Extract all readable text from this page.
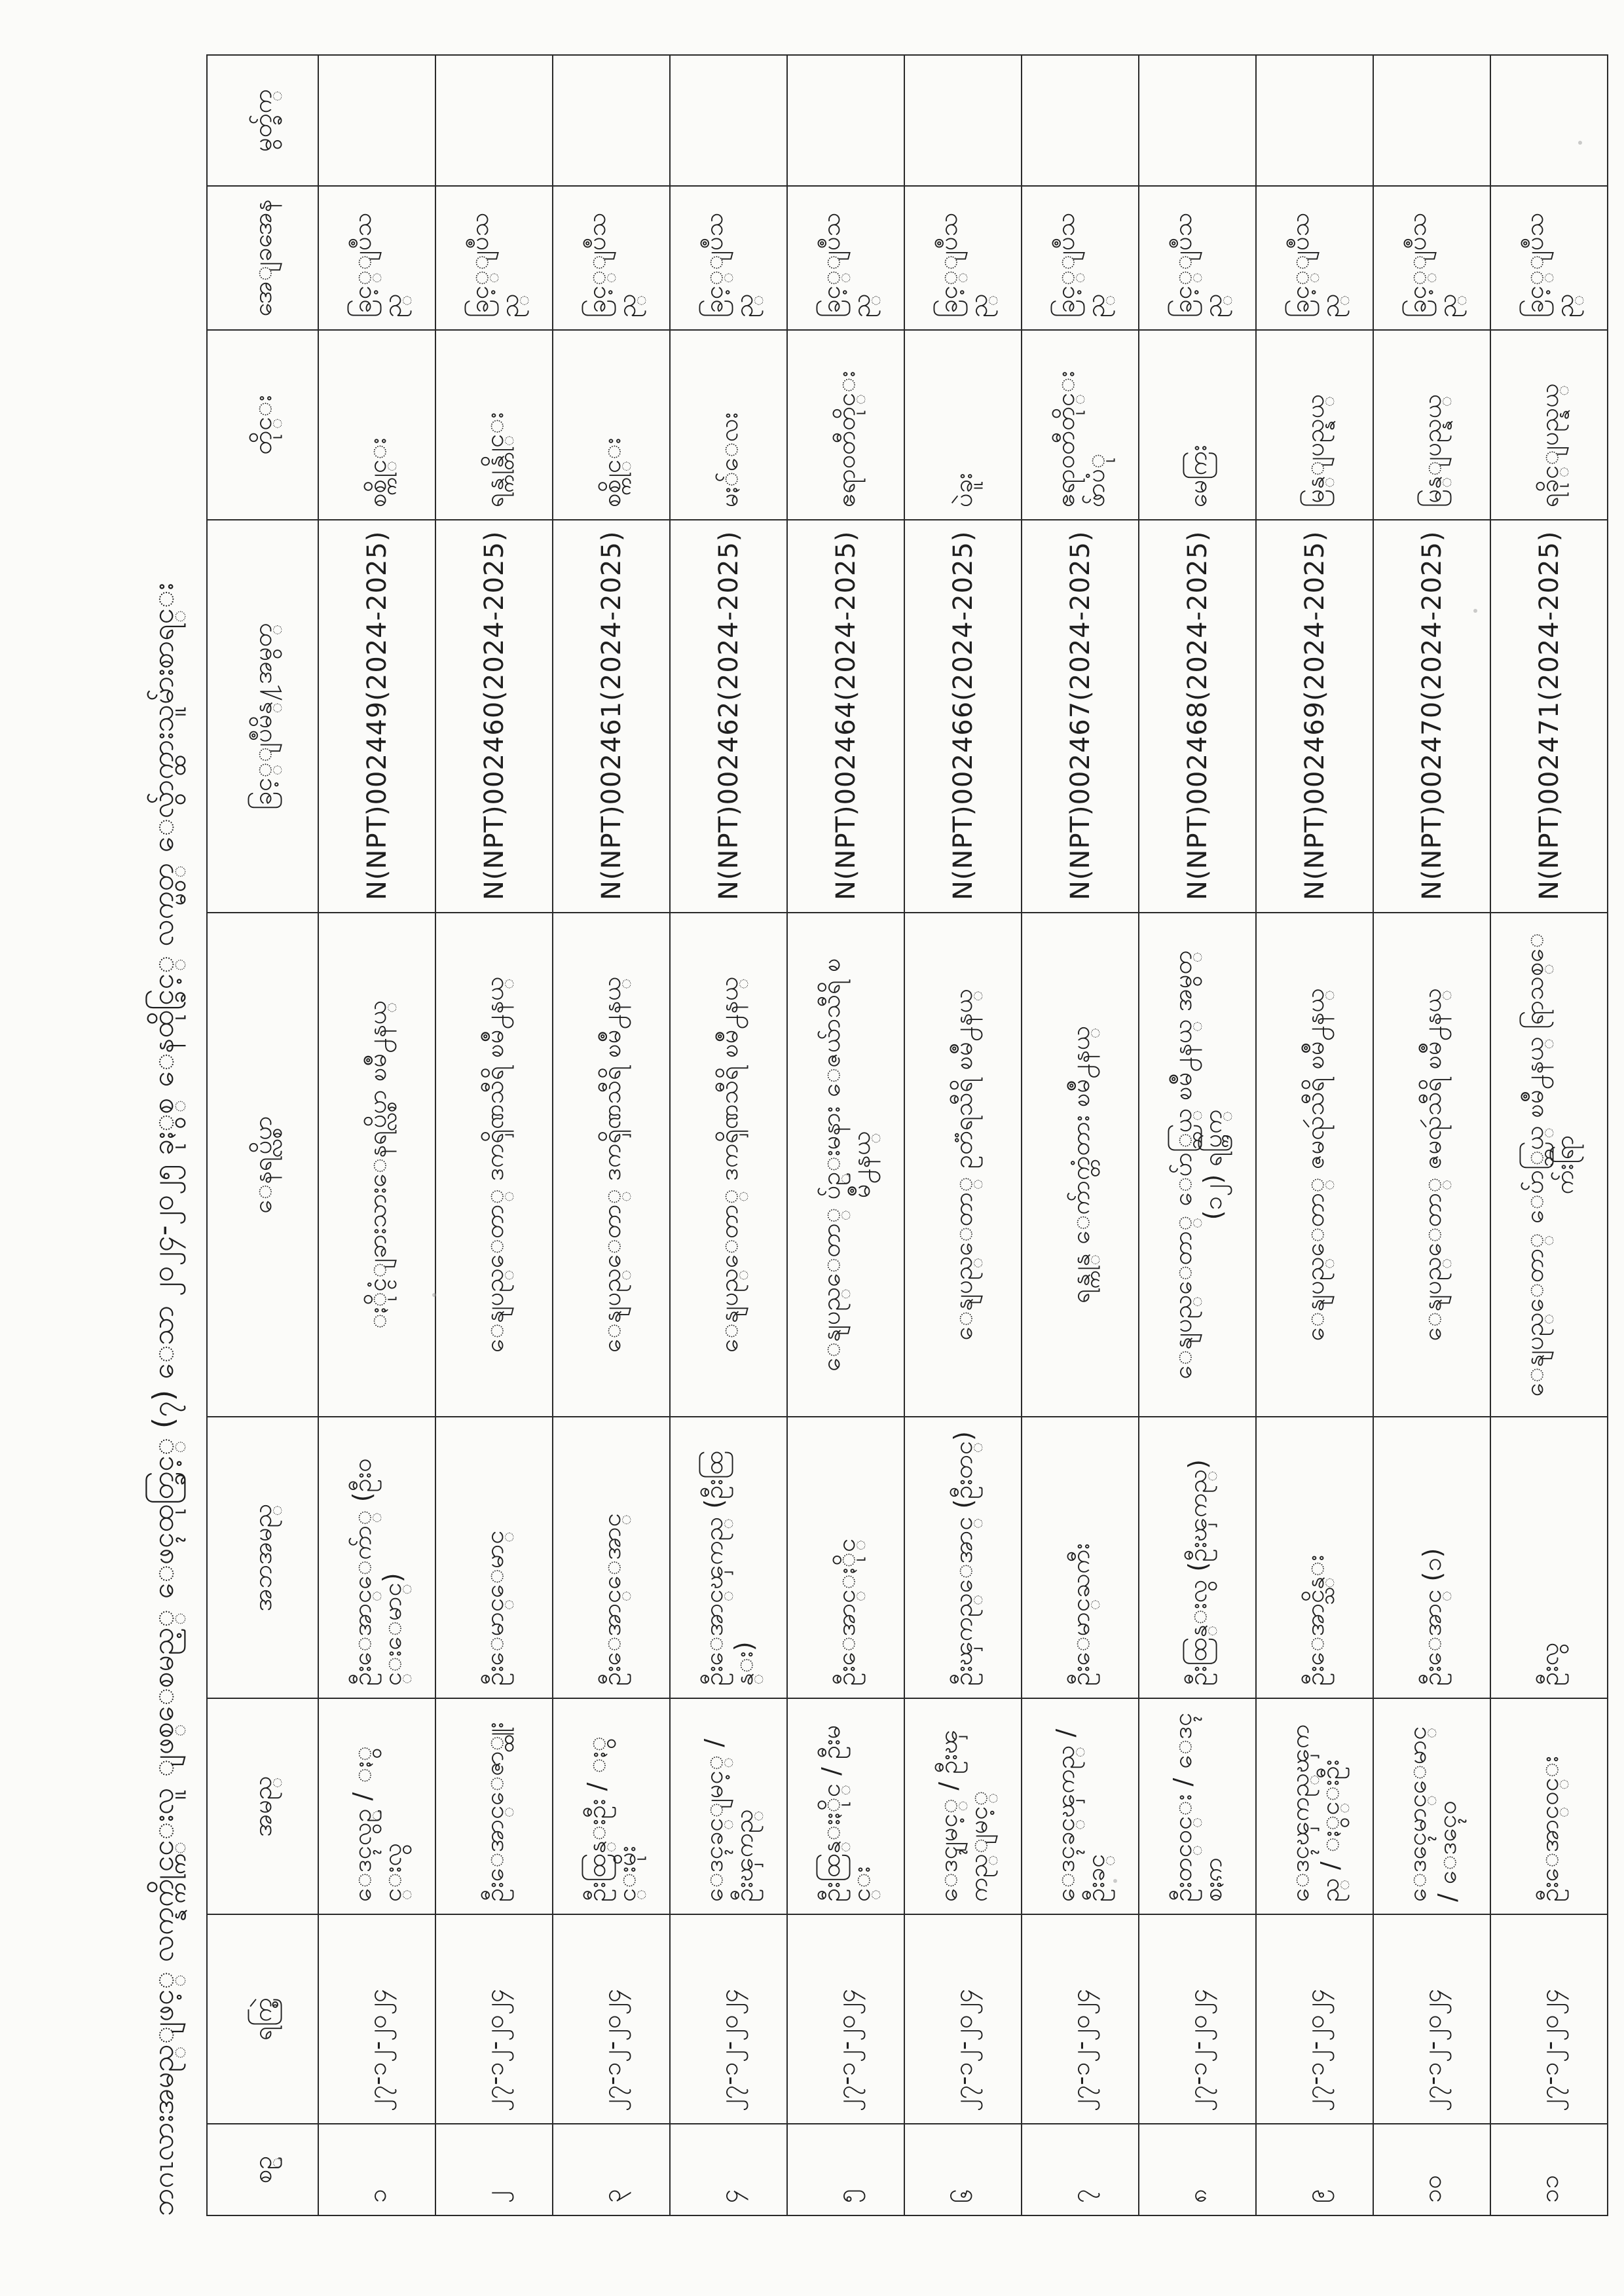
ဘဂၤလားအမည္ျဖင့္ လက္နက္ကိုင္ကင္းလူ ျဖစ္ေစမည့္ ေဖၚထုတ္ခြင့္ (၇) ေသာ ၂၀၂၄-၂၀၂၅ ခုႏွစ္ ေနထိုင္ခြင့္ လက္မွတ္ ေလွ်ာက္ထားသူမ်ားစာရင္း	စဥ္	ရက္စြဲ	အမည္	အဘအမည္	ေနရပ္လိပ္စာ	ခြင့္ျပဳမိန္႔အမွတ္	တိုင္း	အေျခအေန	မွတ္ခ်က္
၁	၂၇-၁၂-၂၀၂၄	ေဒၚလွဥ္ / ႏွင္းလွ	ဦးေအာင္ေက်ာ္ (ဦးဝင္းေမာင္)	ႏိုင္ငံျခားသားေနရပ္လိပ္စာ ၿမိဳ႕နယ္	N(NPT)002449(2024-2025)	စစ္ကိုင္း	ခြင့္ျပဳသည္	
၂	၂၇-၁၂-၂၀၂၄	ဦးေအာင္ေဇာ္ထူး	ဦးေမာင္ေမာင္	ေနျပည္ေတာ္ ဒကၡိဏသီရိ ၿမိဳ႕နယ္	N(NPT)002460(2024-2025)	ရန္ကုန္တိုင္း	ခြင့္ျပဳသည္	
၃	၂၇-၁၂-၂၀၂၄	ဦးထြန္းဦး / ႏွင္းမိုး	ဦးေအာင္ေအာင္	ေနျပည္ေတာ္ ဒကၡိဏသီရိ ၿမိဳ႕နယ္	N(NPT)002461(2024-2025)	စစ္ကိုင္း	ခြင့္ျပဳသည္	
၄	၂၇-၁၂-၂၀၂၄	ေဒၚခင္ျမင့္ / ဦးၾကည္	ဦးေအာင္ၾကည္ (ဦးထြန္း)	ေနျပည္ေတာ္ ဒကၡိဏသီရိ ၿမိဳ႕နယ္	N(NPT)002462(2024-2025)	မႏၲေလး	ခြင့္ျပဳသည္	
၅	၂၇-၁၂-၂၀၂၄	ဦးထြန္းႏိုင္ / ဦးမင္း	ဦးေအာင္ႏိုင္	ေနျပည္ေတာ္ ပ်ဥ္းမနား ေဇယ်ာသီရိ ၿမိဳ႕နယ္	N(NPT)002464(2024-2025)	ဧရာဝတီတိုင္း	ခြင့္ျပဳသည္	
၆	၂၇-၁၂-၂၀၂၄	ေဒၚျမင့္ / ဦးၾကည္ျမင့္	ဦးၾကည္ေအာင္ (ဦးတင္)	ေနျပည္ေတာ္ ဥတၱရသီရိ ၿမိဳ႕နယ္	N(NPT)002466(2024-2025)	ပဲခူး	ခြင့္ျပဳသည္	
၇	၂၇-၁၂-၂၀၂၄	ေဒၚခင္ၾကည္ / ဦးခင္	ဦးေမာင္ႀကီး	ရန္ကုန္ ေက်ာက္တံတား ၿမိဳ႕နယ္	N(NPT)002467(2024-2025)	ဧရာဝတီတိုင္း ဖ်ာပံု	ခြင့္ျပဳသည္	
၈	၂၇-၁၂-၂၀၂၄	ဦးတင္ဝင္း / ေဒၚစႏၵာ	ဦးထြန္းလွ (ဦးၾကည္)	ေနျပည္ေတာ္ ေပ်ာ္ဘြယ္ ၿမိဳ႕နယ္ အမွတ္ (၁၂) ရပ္ကြက္	N(NPT)002468(2024-2025)	မေကြး	ခြင့္ျပဳသည္	
၉	၂၇-၁၂-၂၀၂၄	ေဒၚၾကည္ၾကည္ / ႏွင္းဦး	ဦးေအာင္သိန္း	ေနျပည္ေတာ္ ဇမၺဴသီရိ ၿမိဳ႕နယ္	N(NPT)002469(2024-2025)	မြန္ျပည္နယ္	ခြင့္ျပဳသည္	
၁၀	၂၇-၁၂-၂၀၂၄	ေဒၚေမာင္ေမာင္ / ေဒၚေဝ	ဦးေအာင္ (၁)	ေနျပည္ေတာ္ ဇမၺဴသီရိ ၿမိဳ႕နယ္	N(NPT)002470(2024-2025)	မြန္ျပည္နယ္	ခြင့္ျပဳသည္	
၁၁	၂၇-၁၂-၂၀၂၄	ဦးေအာင္ဝင္း	ဦးလွ	ေနျပည္ေတာ္ ေပ်ာ္ဘြယ္ ၿမိဳ႕နယ္ ရြာသစ္ေက်းရြာ	N(NPT)002471(2024-2025)	ရခိုင္ျပည္နယ္	ခြင့္ျပဳသည္	
